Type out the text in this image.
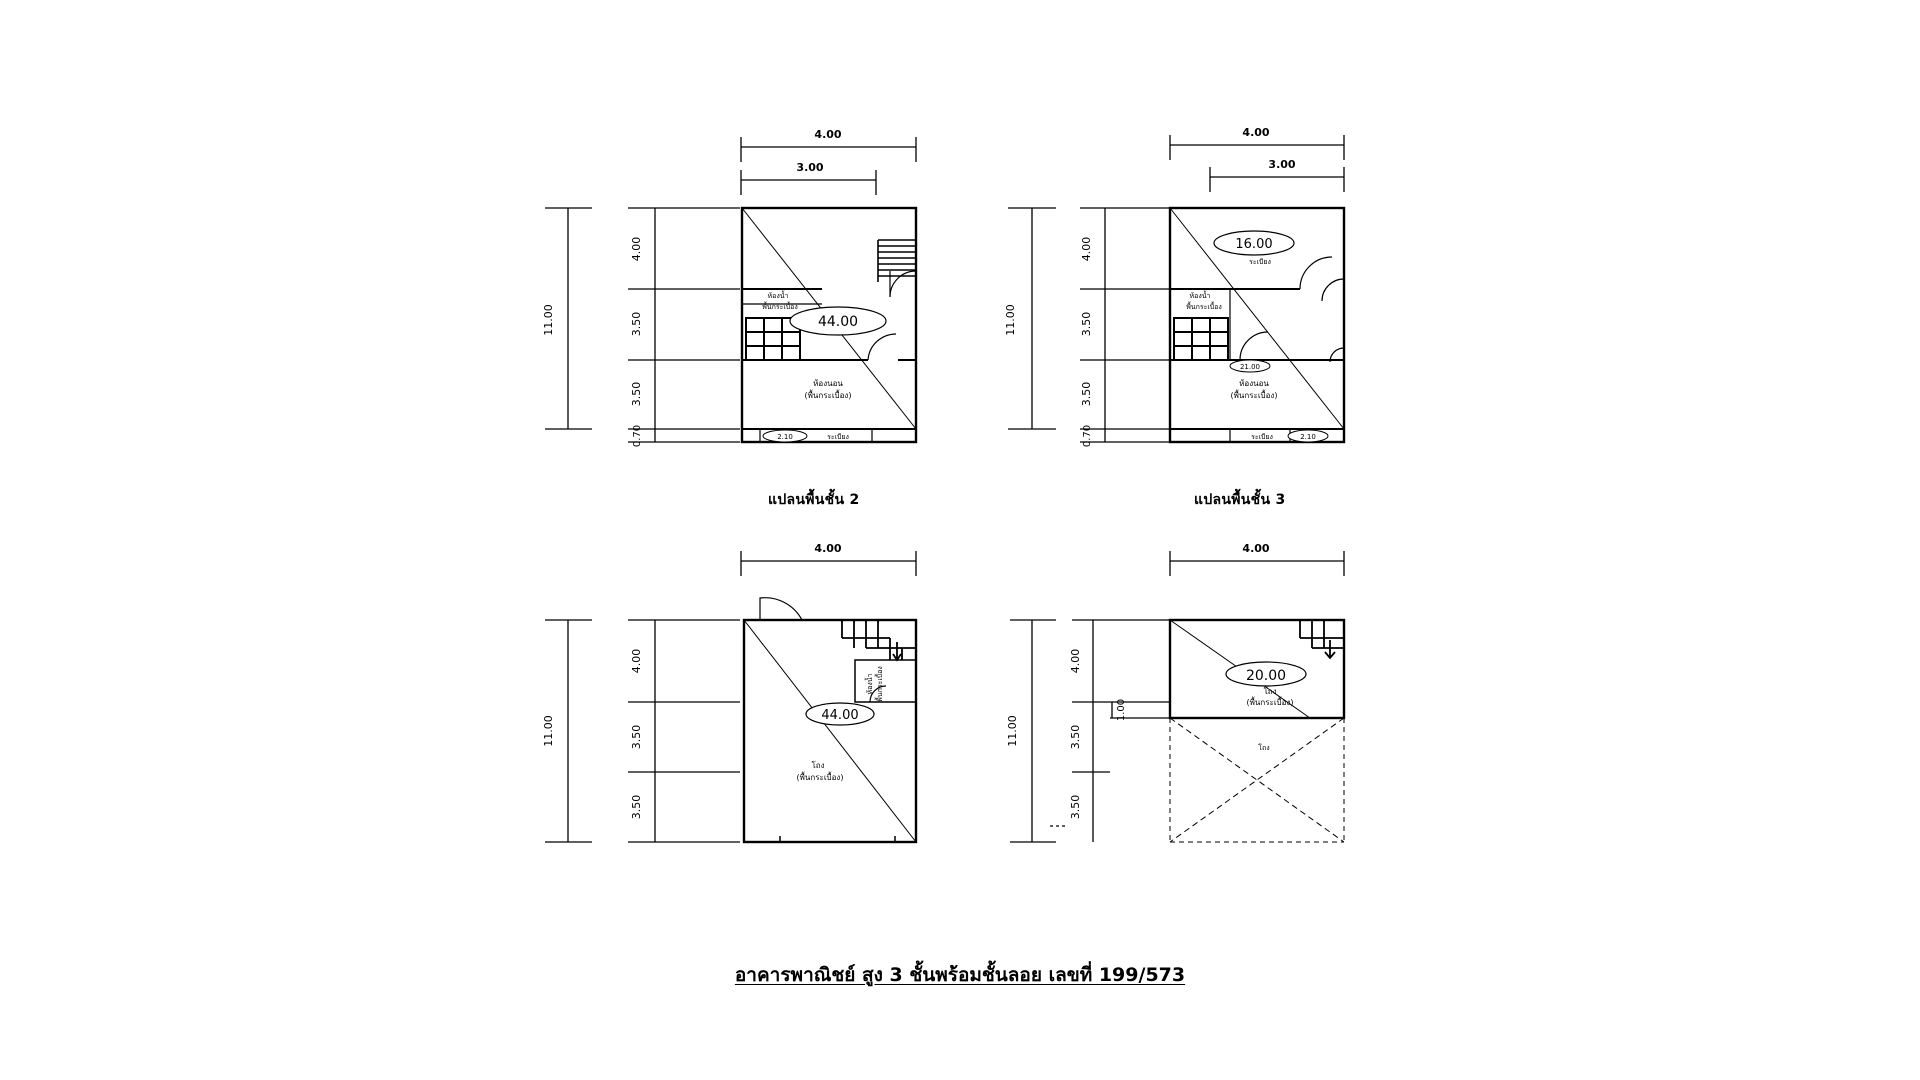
4.00
3.00
11.00
4.00
3.50
3.50
0.70
44.00
ห้องน้ำ
พื้นกระเบื้อง
ห้องนอน
(พื้นกระเบื้อง)
2.10	ระเบียง
4.00
3.00
11.00
4.00
3.50
3.50
0.70
16.00
ระเบียง
ห้องน้ำ
พื้นกระเบื้อง
21.00
ห้องนอน
(พื้นกระเบื้อง)
ระเบียง	2.10
4.00
11.00
4.00
3.50
3.50
44.00
ห้องน้ำ พื้นกระเบื้อง
โถง
(พื้นกระเบื้อง)
4.00
11.00
4.00
3.50
3.50
1.00
20.00
โถง
(พื้นกระเบื้อง)
โถง
แปลนพื้นชั้น 2	แปลนพื้นชั้น 3
อาคารพาณิชย์ สูง 3 ชั้นพร้อมชั้นลอย เลขที่ 199/573
